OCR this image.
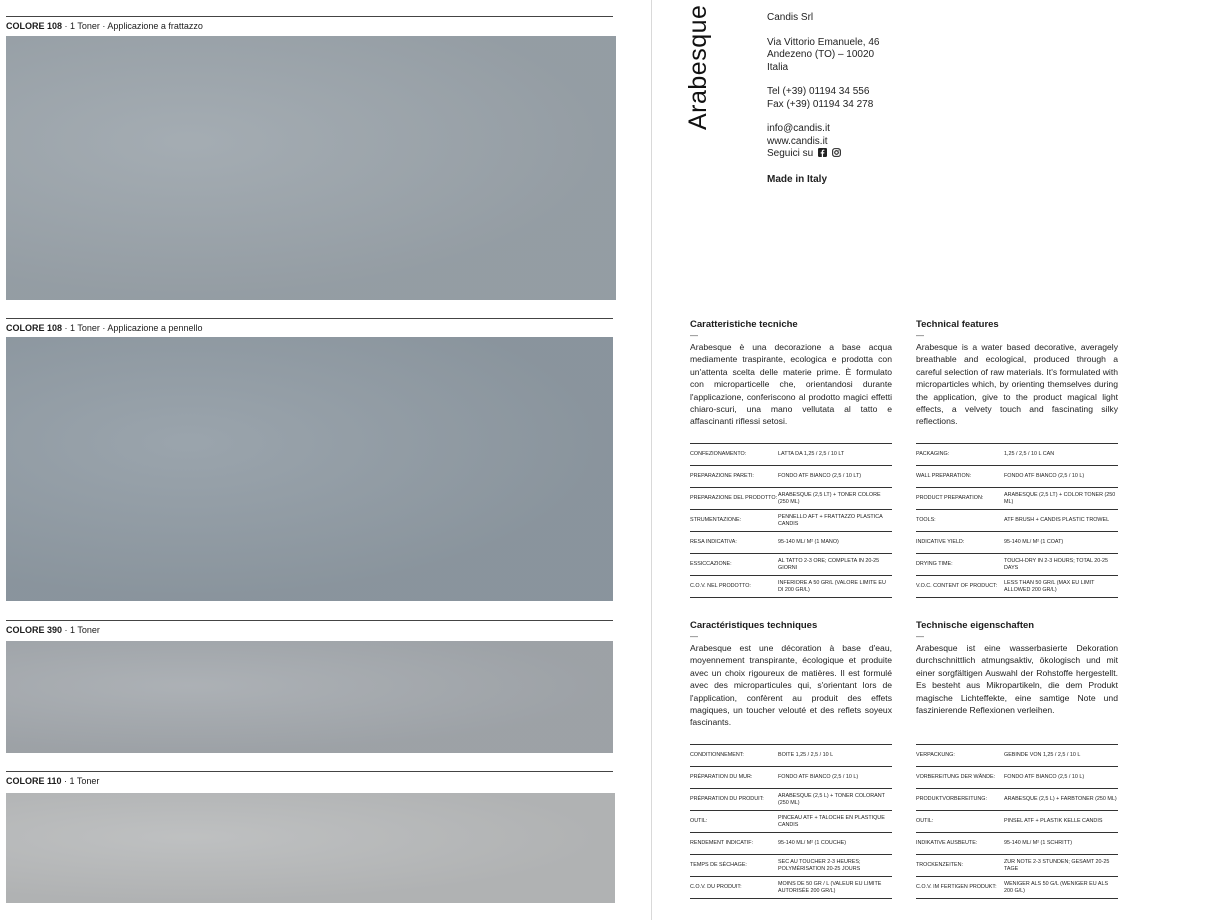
COLORE 108 · 1 Toner · Applicazione a frattazzo
COLORE 108 · 1 Toner · Applicazione a pennello
COLORE 390 · 1 Toner
COLORE 110 · 1 Toner
Arabesque	Candis Srl
Via Vittorio Emanuele, 46
Andezeno (TO) – 10020
Italia
Tel (+39) 01194 34 556
Fax (+39) 01194 34 278
info@candis.it
www.candis.it
Seguici su
Made in Italy
Caratteristiche tecniche
—
Arabesque è una decorazione a base acqua mediamente traspirante, ecologica e prodotta con un'attenta scelta delle materie prime. È formulato con microparticelle che, orientandosi durante l'applicazione, conferiscono al prodotto magici effetti chiaro-scuri, una mano vellutata al tatto e affascinanti riflessi setosi.
CONFEZIONAMENTO:	LATTA DA 1,25 / 2,5 / 10 LT
PREPARAZIONE PARETI:	FONDO ATF BIANCO (2,5 / 10 LT)
PREPARAZIONE DEL PRODOTTO:
ARABESQUE (2,5 LT) + TONER COLORE (250 ML)
STRUMENTAZIONE:
PENNELLO AFT + FRATTAZZO PLASTICA CANDIS
RESA INDICATIVA:	95-140 ML/ M² (1 MANO)
ESSICCAZIONE:
AL TATTO 2-3 ORE; COMPLETA IN 20-25 GIORNI
C.O.V. NEL PRODOTTO:
INFERIORE A 50 GR/L (VALORE LIMITE EU DI 200 GR/L)
Technical features
—
Arabesque is a water based decorative, averagely breathable and ecological, produced through a careful selection of raw materials. It's formulated with microparticles which, by orienting themselves during the application, give to the product magical light effects, a velvety touch and fascinating silky reflections.
PACKAGING:	1,25 / 2,5 / 10 L CAN
WALL PREPARATION:	FONDO ATF BIANCO (2,5 / 10 L)
PRODUCT PREPARATION:
ARABESQUE (2,5 LT) + COLOR TONER (250 ML)
TOOLS:	ATF BRUSH + CANDIS PLASTIC TROWEL
INDICATIVE YIELD:	95-140 ML/ M² (1 COAT)
DRYING TIME:
TOUCH-DRY IN 2-3 HOURS; TOTAL 20-25 DAYS
V.O.C. CONTENT OF PRODUCT:
LESS THAN 50 GR/L (MAX EU LIMIT ALLOWED 200 GR/L)
Caractéristiques techniques
—
Arabesque est une décoration à base d'eau, moyennement transpirante, écologique et produite avec un choix rigoureux de matières. Il est formulé avec des microparticules qui, s'orientant lors de l'application, confèrent au produit des effets magiques, un toucher velouté et des reflets soyeux fascinants.
CONDITIONNEMENT:	BOITE 1,25 / 2,5 / 10 L
PRÉPARATION DU MUR:	FONDO ATF BIANCO (2,5 / 10 L)
PRÉPARATION DU PRODUIT:
ARABESQUE (2,5 L) + TONER COLORANT (250 ML)
OUTIL:
PINCEAU ATF + TALOCHE EN PLASTIQUE CANDIS
RENDEMENT INDICATIF:	95-140 ML/ M² (1 COUCHE)
TEMPS DE SÉCHAGE:
SEC AU TOUCHER 2-3 HEURES; POLYMÉRISATION 20-25 JOURS
C.O.V. DU PRODUIT:
MOINS DE 50 GR / L (VALEUR EU LIMITE AUTORISÉE 200 GR/L)
Technische eigenschaften
—
Arabesque ist eine wasserbasierte Dekoration durchschnittlich atmungsaktiv, ökologisch und mit einer sorgfältigen Auswahl der Rohstoffe hergestellt. Es besteht aus Mikropartikeln, die dem Produkt magische Lichteffekte, eine samtige Note und faszinierende Reflexionen verleihen.
VERPACKUNG:	GEBINDE VON 1,25 / 2,5 / 10 L
VORBEREITUNG DER WÄNDE:	FONDO ATF BIANCO (2,5 / 10 L)
PRODUKTVORBEREITUNG:	ARABESQUE (2,5 L) + FARBTONER (250 ML)
OUTIL:	PINSEL ATF + PLASTIK KELLE CANDIS
INDIKATIVE AUSBEUTE:	95-140 ML/ M² (1 SCHRITT)
TROCKENZEITEN:
ZUR NOTE 2-3 STUNDEN; GESAMT 20-25 TAGE
C.O.V. IM FERTIGEN PRODUKT:
WENIGER ALS 50 G/L (WENIGER EU ALS 200 G/L)
